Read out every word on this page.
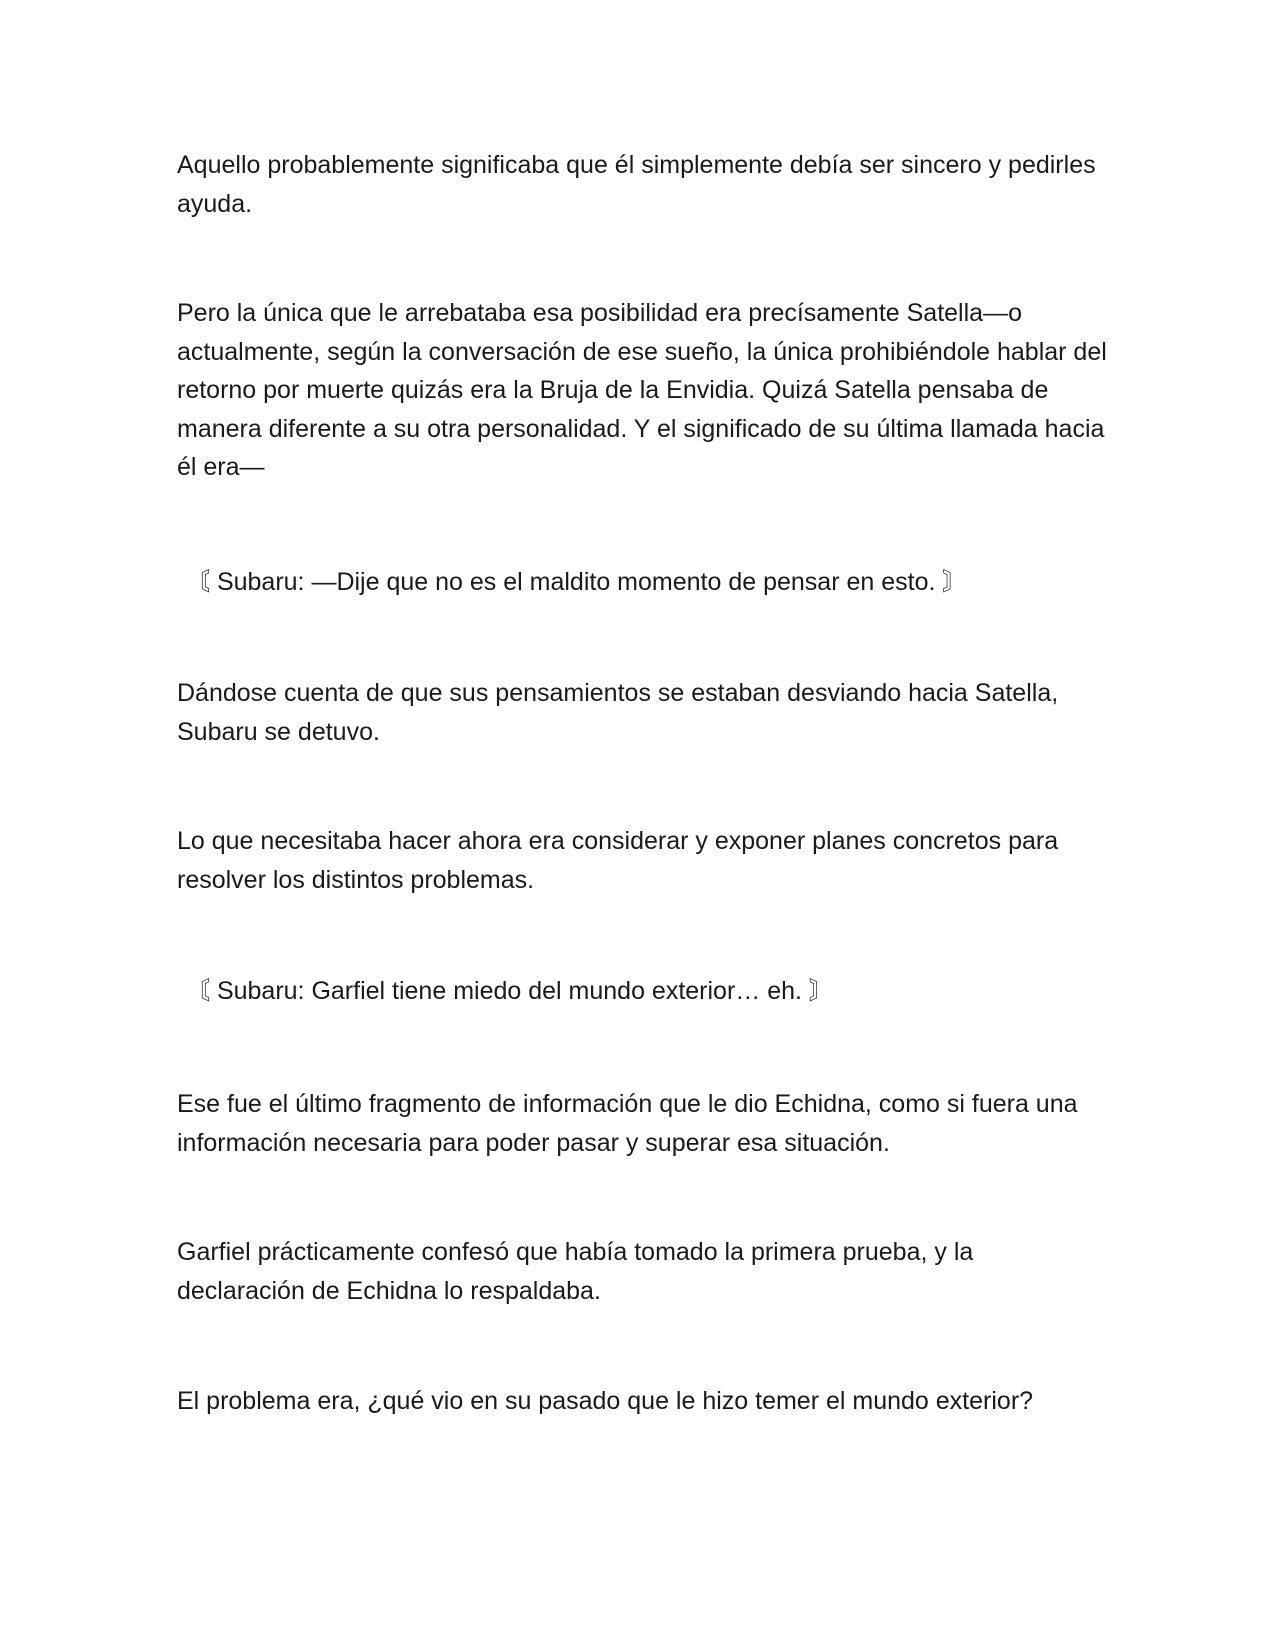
Aquello probablemente significaba que él simplemente debía ser sincero y pedirles ayuda.

Pero la única que le arrebataba esa posibilidad era precísamente Satella—o actualmente, según la conversación de ese sueño, la única prohibiéndole hablar del retorno por muerte quizás era la Bruja de la Envidia. Quizá Satella pensaba de manera diferente a su otra personalidad. Y el significado de su última llamada hacia él era—

〘 Subaru: —Dije que no es el maldito momento de pensar en esto. 〙

Dándose cuenta de que sus pensamientos se estaban desviando hacia Satella, Subaru se detuvo.

Lo que necesitaba hacer ahora era considerar y exponer planes concretos para resolver los distintos problemas.

〘 Subaru: Garfiel tiene miedo del mundo exterior… eh. 〙

Ese fue el último fragmento de información que le dio Echidna, como si fuera una información necesaria para poder pasar y superar esa situación.

Garfiel prácticamente confesó que había tomado la primera prueba, y la declaración de Echidna lo respaldaba.

El problema era, ¿qué vio en su pasado que le hizo temer el mundo exterior?
